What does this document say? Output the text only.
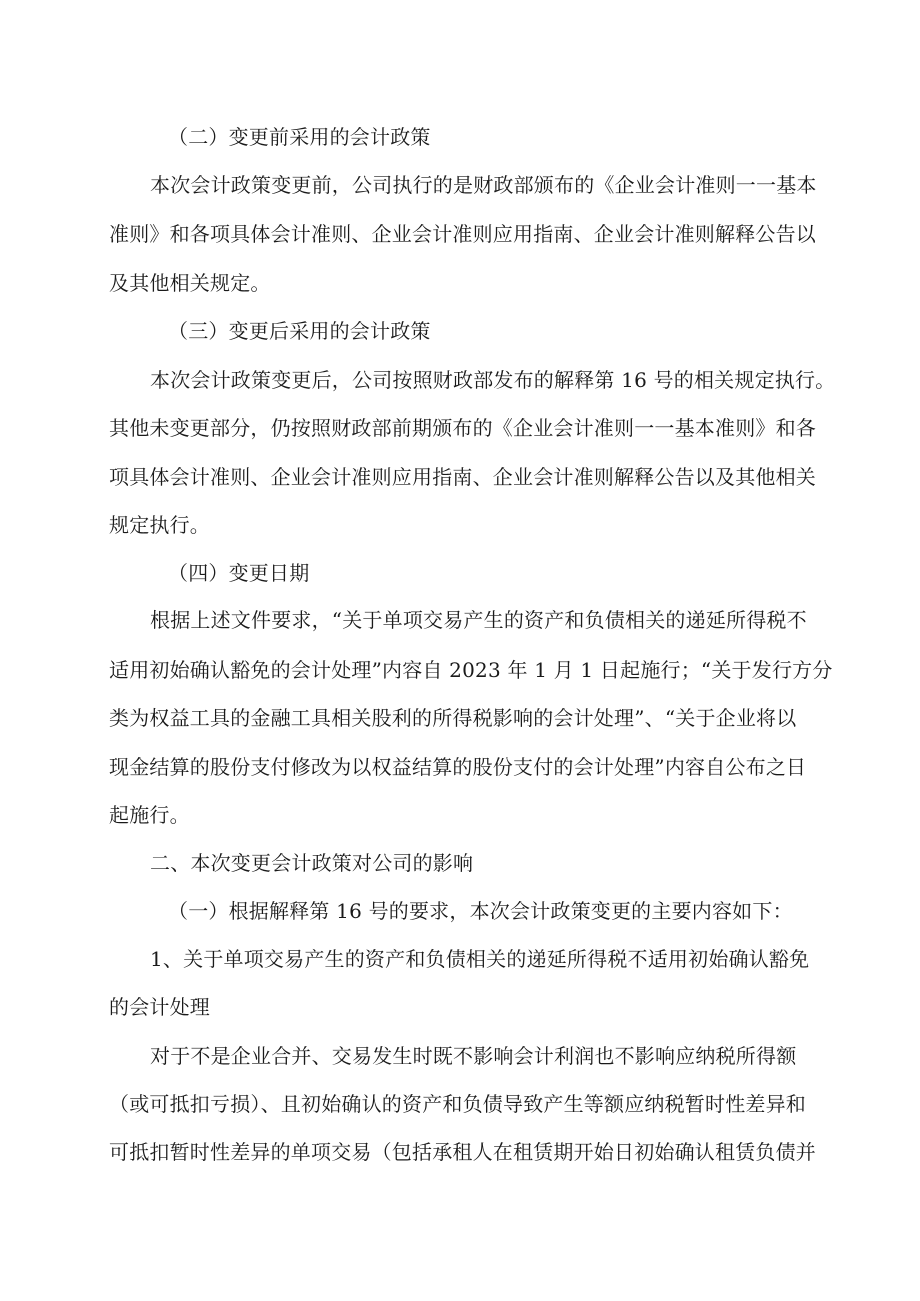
（二）变更前采用的会计政策
本次会计政策变更前，公司执行的是财政部颁布的《企业会计准则一一基本
准则》和各项具体会计准则、企业会计准则应用指南、企业会计准则解释公告以
及其他相关规定。
（三）变更后采用的会计政策
本次会计政策变更后，公司按照财政部发布的解释第 16 号的相关规定执行。
其他未变更部分，仍按照财政部前期颁布的《企业会计准则一一基本准则》和各
项具体会计准则、企业会计准则应用指南、企业会计准则解释公告以及其他相关
规定执行。
（四）变更日期
根据上述文件要求，“关于单项交易产生的资产和负债相关的递延所得税不
适用初始确认豁免的会计处理”内容自 2023 年 1 月 1 日起施行；“关于发行方分
类为权益工具的金融工具相关股利的所得税影响的会计处理”、“关于企业将以
现金结算的股份支付修改为以权益结算的股份支付的会计处理”内容自公布之日
起施行。
二、本次变更会计政策对公司的影响
（一）根据解释第 16 号的要求，本次会计政策变更的主要内容如下：
1、关于单项交易产生的资产和负债相关的递延所得税不适用初始确认豁免
的会计处理
对于不是企业合并、交易发生时既不影响会计利润也不影响应纳税所得额
（或可抵扣亏损）、且初始确认的资产和负债导致产生等额应纳税暂时性差异和
可抵扣暂时性差异的单项交易（包括承租人在租赁期开始日初始确认租赁负债并
